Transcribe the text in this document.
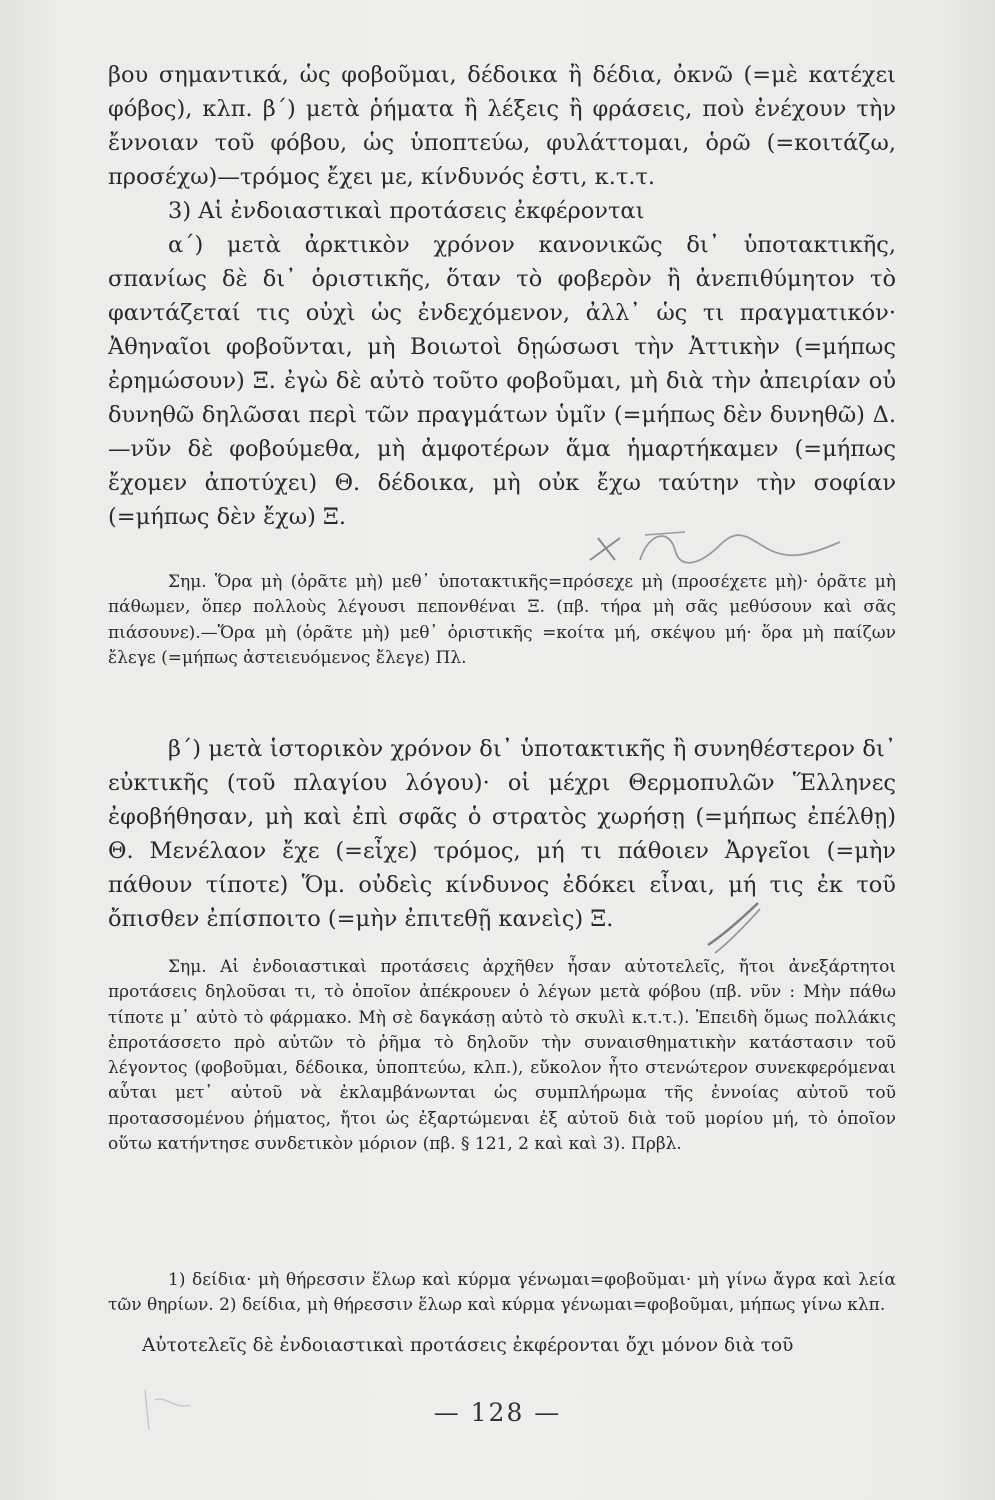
βου σημαντικά, ὡς φοβοῦμαι, δέδοικα ἢ δέδια, ὀκνῶ (=μὲ κατέχει φόβος), κλπ. β΄) μετὰ ῥήματα ἢ λέξεις ἢ φράσεις, ποὺ ἐνέχουν τὴν ἔννοιαν τοῦ φόβου, ὡς ὑποπτεύω, φυλάττομαι, ὁρῶ (=κοιτάζω, προσέχω)—τρόμος ἔχει με, κίνδυνός ἐστι, κ.τ.τ.

3) Αἱ ἐνδοιαστικαὶ προτάσεις ἐκφέρονται

α΄) μετὰ ἀρκτικὸν χρόνον κανονικῶς δι᾽ ὑποτακτικῆς, σπανίως δὲ δι᾽ ὁριστικῆς, ὅταν τὸ φοβερὸν ἢ ἀνεπιθύμητον τὸ φαντάζεταί τις οὐχὶ ὡς ἐνδεχόμενον, ἀλλ᾽ ὡς τι πραγματικόν· Ἀθηναῖοι φοβοῦνται, μὴ Βοιωτοὶ δῃώσωσι τὴν Ἀττικὴν (=μήπως ἐρημώσουν) Ξ. ἐγὼ δὲ αὐτὸ τοῦτο φοβοῦμαι, μὴ διὰ τὴν ἀπειρίαν οὐ δυνηθῶ δηλῶσαι περὶ τῶν πραγμάτων ὑμῖν (=μήπως δὲν δυνηθῶ) Δ.—νῦν δὲ φοβούμεθα, μὴ ἀμφοτέρων ἅμα ἡμαρτήκαμεν (=μήπως ἔχομεν ἀποτύχει) Θ. δέδοικα, μὴ οὐκ ἔχω ταύτην τὴν σοφίαν (=μήπως δὲν ἔχω) Ξ.

Σημ. Ὅρα μὴ (ὁρᾶτε μὴ) μεθ᾽ ὑποτακτικῆς=πρόσεχε μὴ (προσέχετε μὴ)· ὁρᾶτε μὴ πάθωμεν, ὅπερ πολλοὺς λέγουσι πεπονθέναι Ξ. (πβ. τήρα μὴ σᾶς μεθύσουν καὶ σᾶς πιάσουνε).—Ὅρα μὴ (ὁρᾶτε μὴ) μεθ᾽ ὁριστικῆς =κοίτα μή, σκέψου μή· ὅρα μὴ παίζων ἔλεγε (=μήπως ἀστειευόμενος ἔλεγε) Πλ.

β΄) μετὰ ἱστορικὸν χρόνον δι᾽ ὑποτακτικῆς ἢ συνηθέστερον δι᾽ εὐκτικῆς (τοῦ πλαγίου λόγου)· οἱ μέχρι Θερμοπυλῶν Ἕλληνες ἐφοβήθησαν, μὴ καὶ ἐπὶ σφᾶς ὁ στρατὸς χωρήσῃ (=μήπως ἐπέλθῃ) Θ. Μενέλαον ἔχε (=εἶχε) τρόμος, μή τι πάθοιεν Ἀργεῖοι (=μὴν πάθουν τίποτε) Ὅμ. οὐδεὶς κίνδυνος ἐδόκει εἶναι, μή τις ἐκ τοῦ ὄπισθεν ἐπίσποιτο (=μὴν ἐπιτεθῇ κανεὶς) Ξ.

Σημ. Αἱ ἐνδοιαστικαὶ προτάσεις ἀρχῆθεν ἦσαν αὐτοτελεῖς, ἤτοι ἀνεξάρτητοι προτάσεις δηλοῦσαι τι, τὸ ὁποῖον ἀπέκρουεν ὁ λέγων μετὰ φόβου (πβ. νῦν : Μὴν πάθω τίποτε μ᾽ αὐτὸ τὸ φάρμακο. Μὴ σὲ δαγκάσῃ αὐτὸ τὸ σκυλὶ κ.τ.τ.). Ἐπειδὴ ὅμως πολλάκις ἐπροτάσσετο πρὸ αὐτῶν τὸ ῥῆμα τὸ δηλοῦν τὴν συναισθηματικὴν κατάστασιν τοῦ λέγοντος (φοβοῦμαι, δέδοικα, ὑποπτεύω, κλπ.), εὔκολον ἦτο στενώτερον συνεκφερόμεναι αὗται μετ᾽ αὐτοῦ νὰ ἐκλαμβάνωνται ὡς συμπλήρωμα τῆς ἐννοίας αὐτοῦ τοῦ προτασσομένου ῥήματος, ἤτοι ὡς ἐξαρτώμεναι ἐξ αὐτοῦ διὰ τοῦ μορίου μή, τὸ ὁποῖον οὕτω κατήντησε συνδετικὸν μόριον (πβ. § 121, 2 καὶ καὶ 3). Πρβλ.

1) δείδια· μὴ θήρεσσιν ἕλωρ καὶ κύρμα γένωμαι=φοβοῦμαι· μὴ γίνω ἄγρα καὶ λεία τῶν θηρίων. 2) δείδια, μὴ θήρεσσιν ἕλωρ καὶ κύρμα γένωμαι=φοβοῦμαι, μήπως γίνω κλπ.

Αὐτοτελεῖς δὲ ἐνδοιαστικαὶ προτάσεις ἐκφέρονται ὄχι μόνον διὰ τοῦ

— 128 —
